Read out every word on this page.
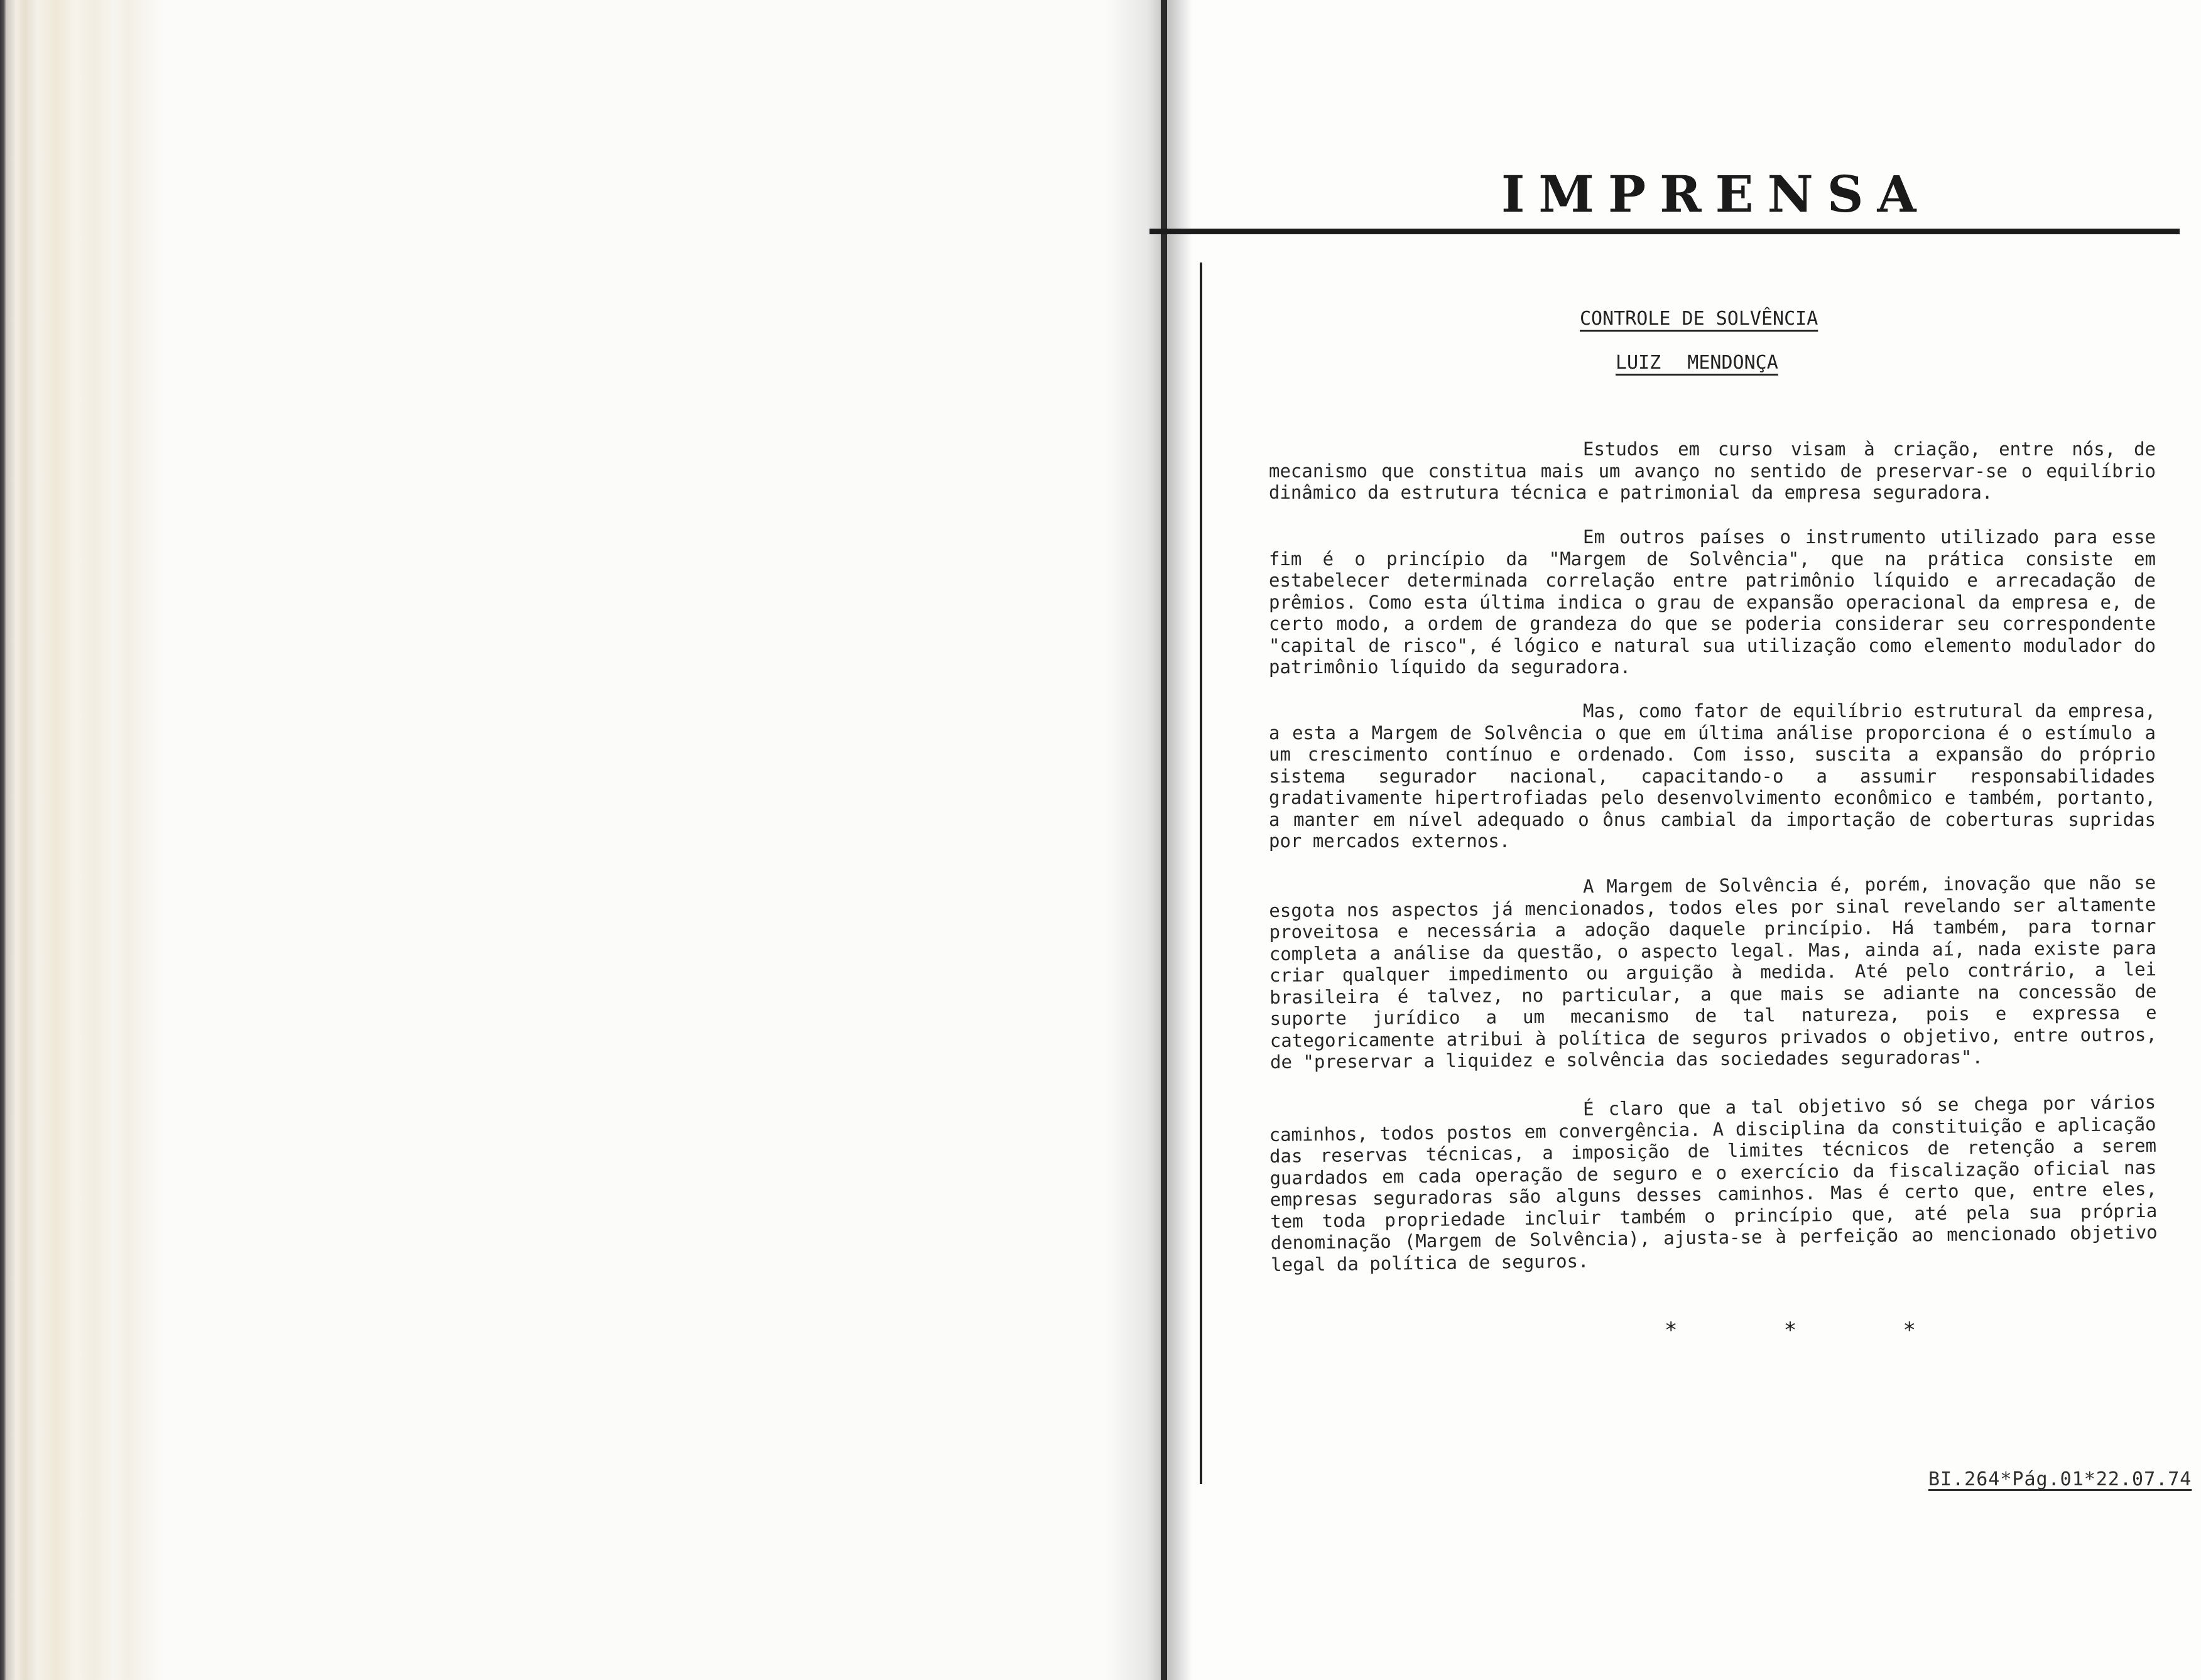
IMPRENSA
CONTROLE DE SOLVÊNCIA
LUIZ MENDONÇA

Estudos em curso visam à criação, entre nós, de mecanismo que constitua mais um avanço no sentido de preservar-se o equilíbrio dinâmico da estrutura técnica e patrimonial da empresa seguradora.

Em outros países o instrumento utilizado para esse fim é o princípio da "Margem de Solvência", que na prática consiste em estabelecer determinada correlação entre patrimônio líquido e arrecadação de prêmios. Como esta última indica o grau de expansão operacional da empresa e, de certo modo, a ordem de grandeza do que se poderia considerar seu correspondente "capital de risco", é lógico e natural sua utilização como elemento modulador do patrimônio líquido da seguradora.

Mas, como fator de equilíbrio estrutural da empresa, a esta a Margem de Solvência o que em última análise proporciona é o estímulo a um crescimento contínuo e ordenado. Com isso, suscita a expansão do próprio sistema segurador nacional, capacitando-o a assumir responsabilidades gradativamente hipertrofiadas pelo desenvolvimento econômico e também, portanto, a manter em nível adequado o ônus cambial da importação de coberturas supridas por mercados externos.

A Margem de Solvência é, porém, inovação que não se esgota nos aspectos já mencionados, todos eles por sinal revelando ser altamente proveitosa e necessária a adoção daquele princípio. Há também, para tornar completa a análise da questão, o aspecto legal. Mas, ainda aí, nada existe para criar qualquer impedimento ou arguição à medida. Até pelo contrário, a lei brasileira é talvez, no particular, a que mais se adiante na concessão de suporte jurídico a um mecanismo de tal natureza, pois e expressa e categoricamente atribui à política de seguros privados o objetivo, entre outros, de "preservar a liquidez e solvência das sociedades seguradoras".

É claro que a tal objetivo só se chega por vários caminhos, todos postos em convergência. A disciplina da constituição e aplicação das reservas técnicas, a imposição de limites técnicos de retenção a serem guardados em cada operação de seguro e o exercício da fiscalização oficial nas empresas seguradoras são alguns desses caminhos. Mas é certo que, entre eles, tem toda propriedade incluir também o princípio que, até pela sua própria denominação (Margem de Solvência), ajusta-se à perfeição ao mencionado objetivo legal da política de seguros.

*	*	*
BI.264*Pág.01*22.07.74
